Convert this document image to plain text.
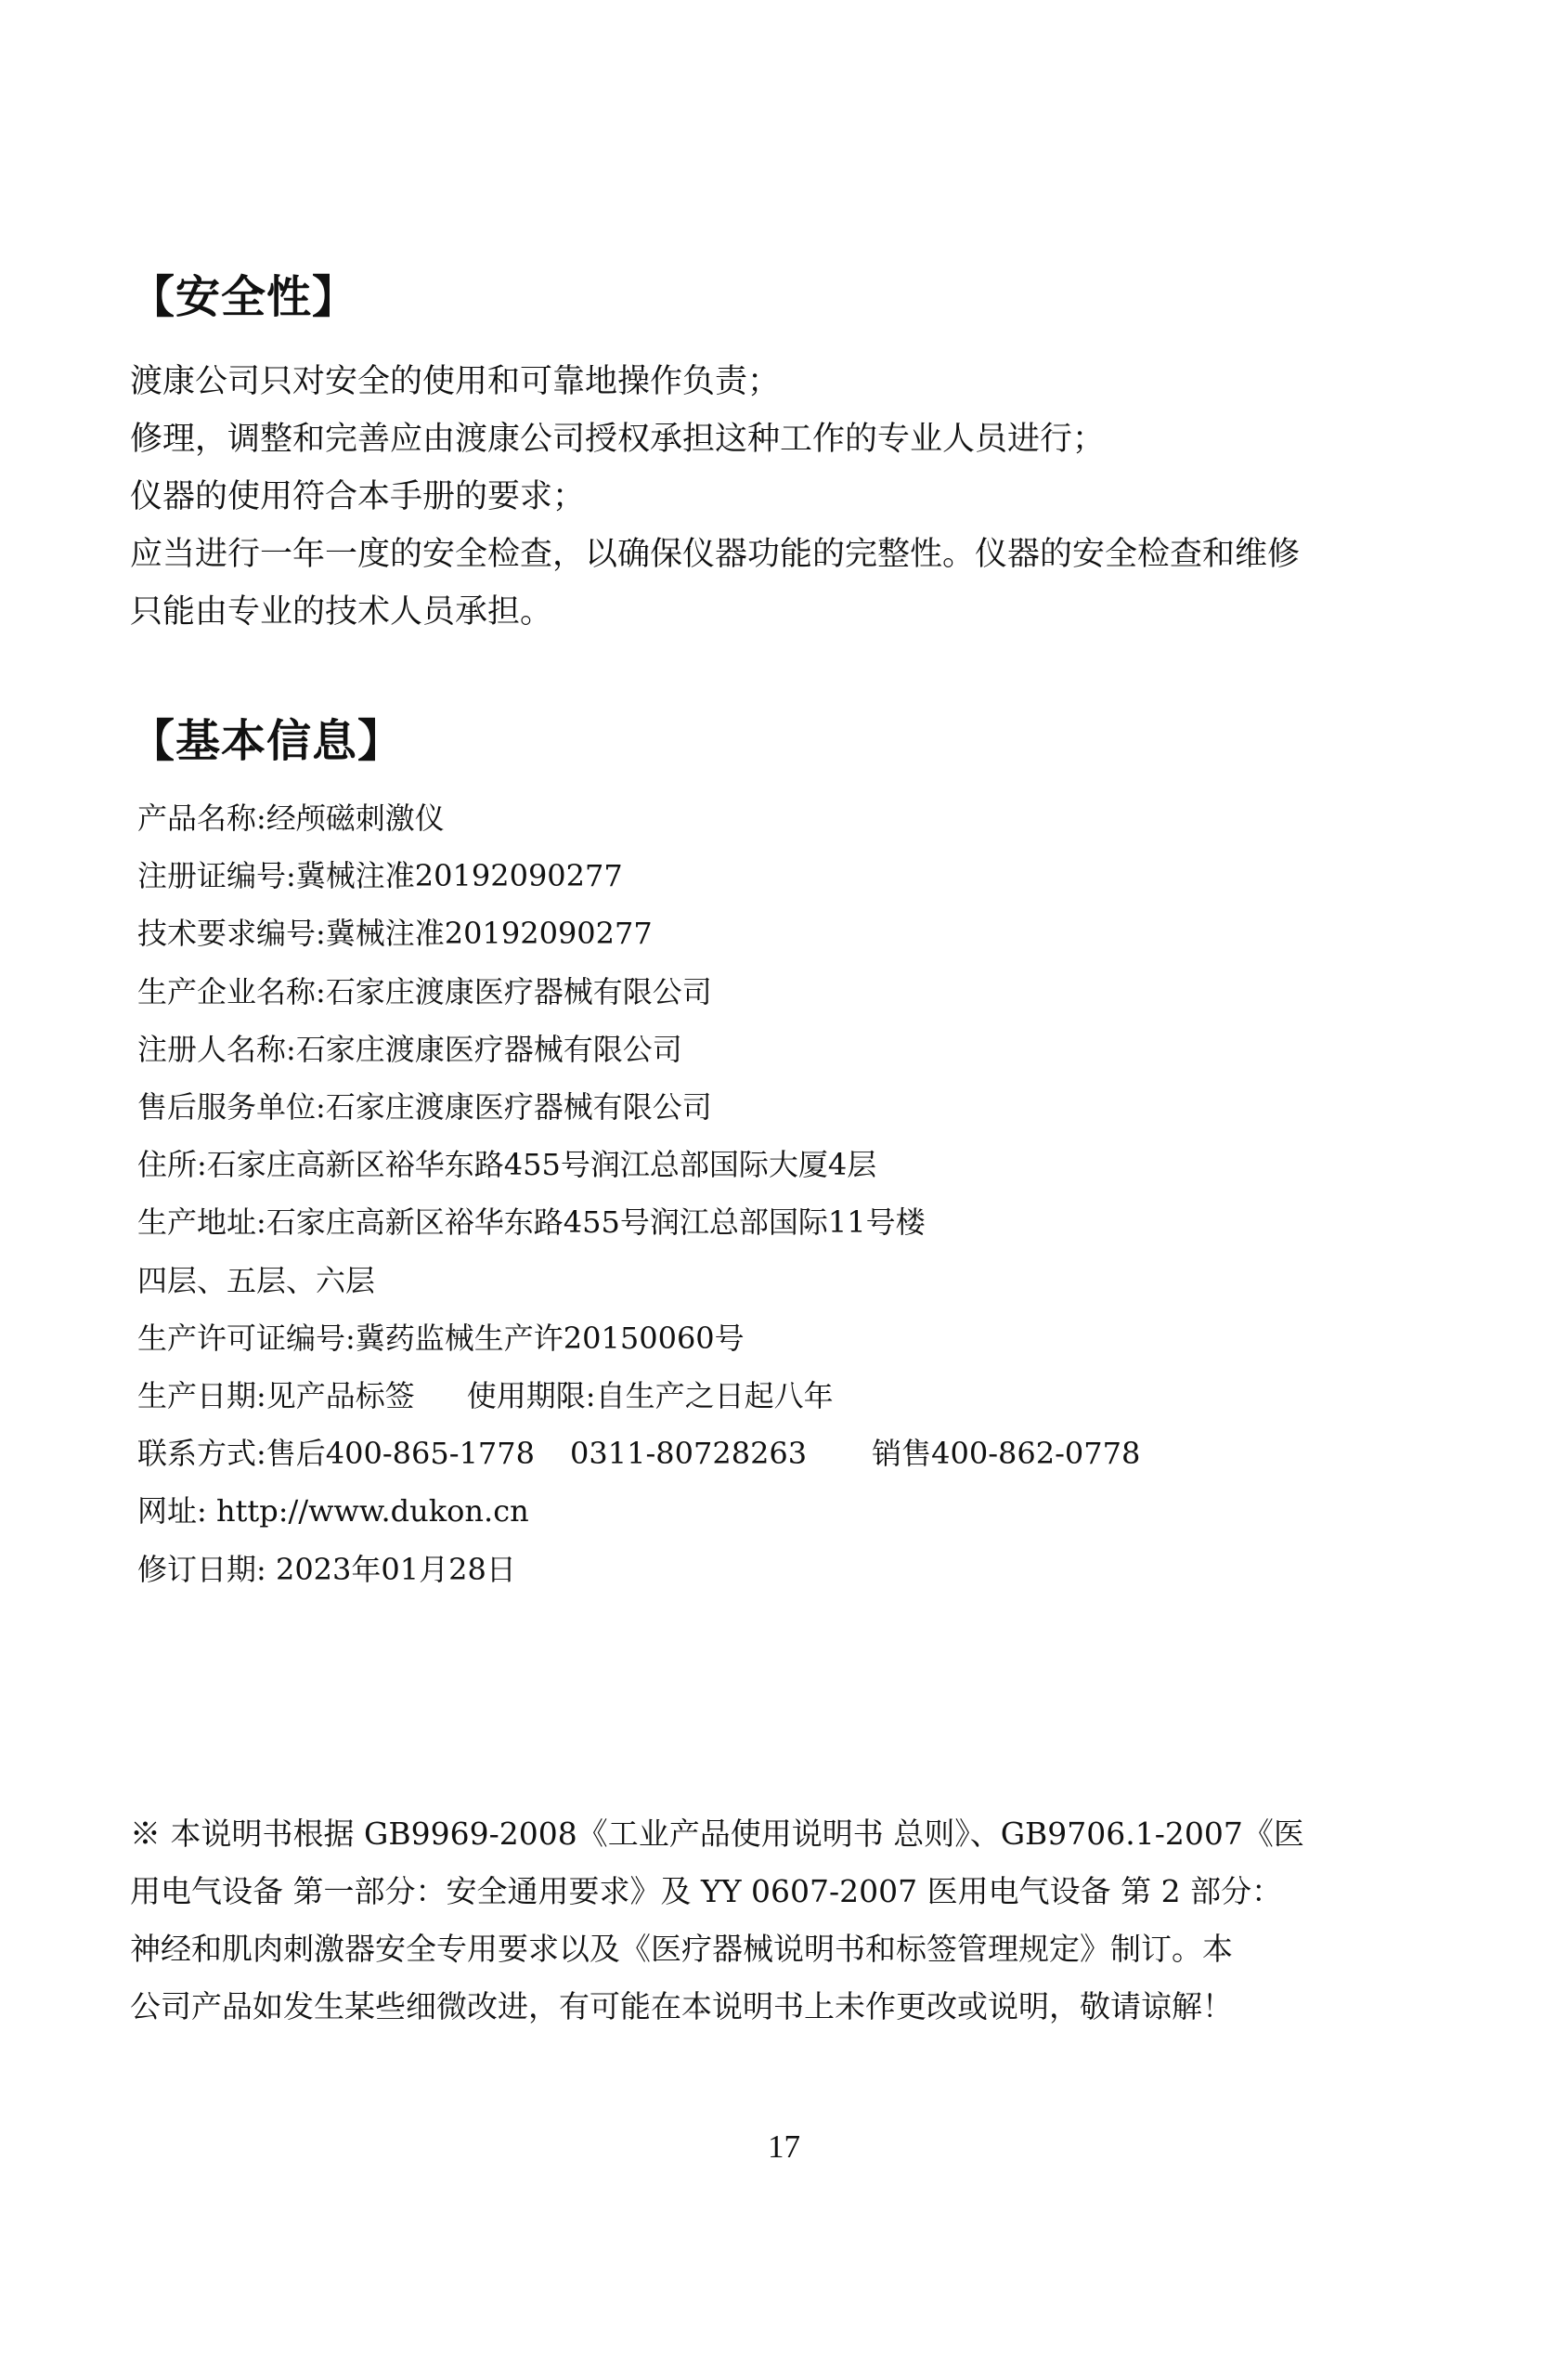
【安全性】

渡康公司只对安全的使用和可靠地操作负责；

修理，调整和完善应由渡康公司授权承担这种工作的专业人员进行；

仪器的使用符合本手册的要求；

应当进行一年一度的安全检查，以确保仪器功能的完整性。仪器的安全检查和维修

只能由专业的技术人员承担。

【基本信息】

产品名称:经颅磁刺激仪

注册证编号:冀械注准20192090277

技术要求编号:冀械注准20192090277

生产企业名称:石家庄渡康医疗器械有限公司

注册人名称:石家庄渡康医疗器械有限公司

售后服务单位:石家庄渡康医疗器械有限公司

住所:石家庄高新区裕华东路455号润江总部国际大厦4层

生产地址:石家庄高新区裕华东路455号润江总部国际11号楼

四层、五层、六层

生产许可证编号:冀药监械生产许20150060号

生产日期:见产品标签 使用期限:自生产之日起八年

联系方式:售后400-865-1778 0311-80728263 销售400-862-0778

网址: http://www.dukon.cn

修订日期: 2023年01月28日

※ 本说明书根据 GB9969-2008《工业产品使用说明书 总则》、GB9706.1-2007《医

用电气设备 第一部分：安全通用要求》及 YY 0607-2007 医用电气设备 第 2 部分：

神经和肌肉刺激器安全专用要求以及《医疗器械说明书和标签管理规定》制订。本

公司产品如发生某些细微改进，有可能在本说明书上未作更改或说明，敬请谅解！

17
